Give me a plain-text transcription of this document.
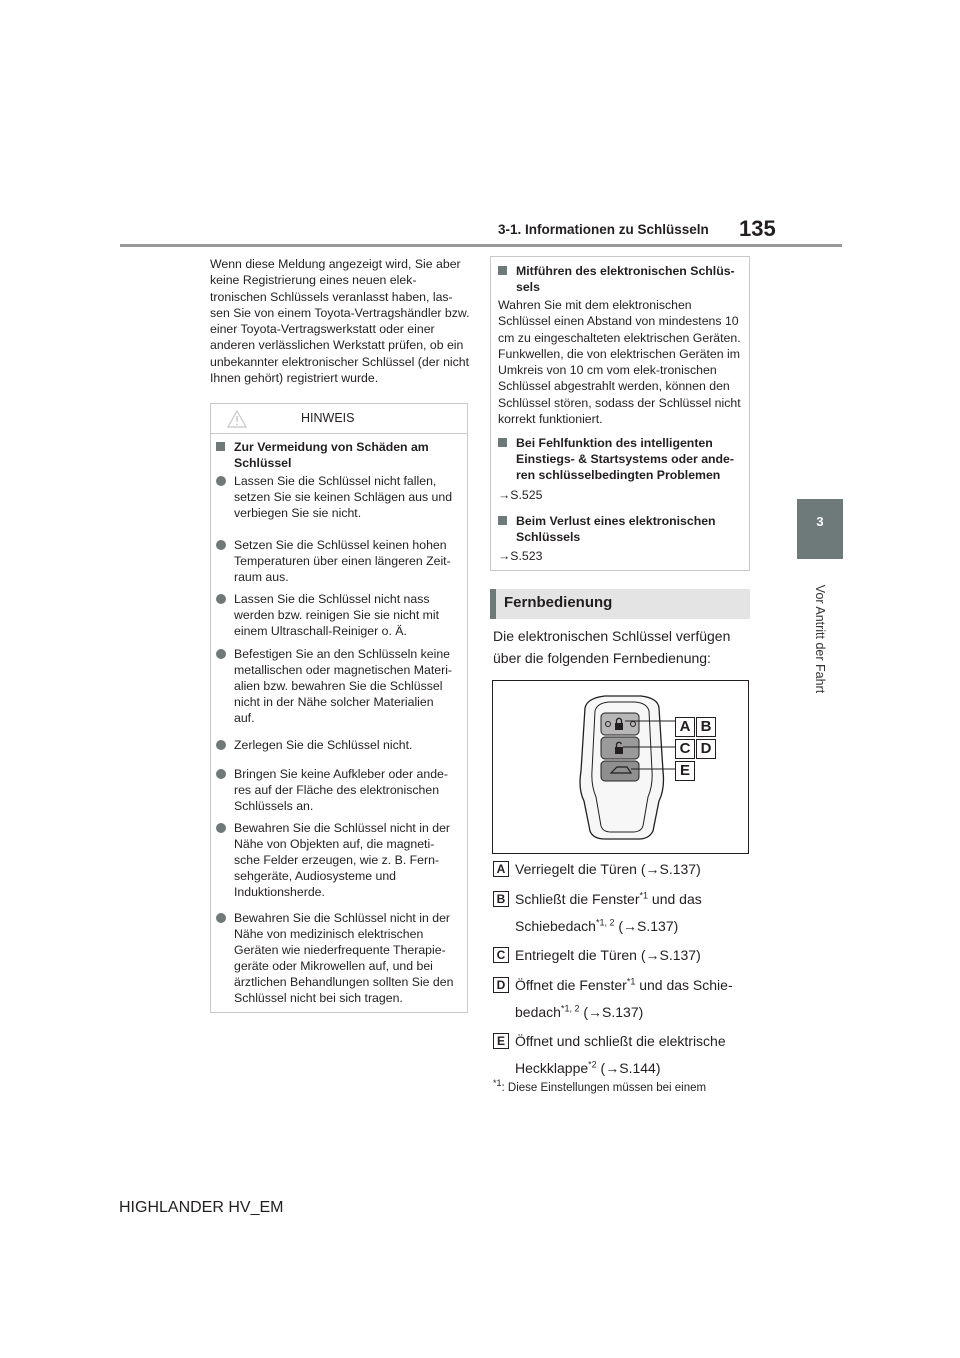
3-1. Informationen zu Schlüsseln 135
3
Vor Antritt der Fahrt
Wenn diese Meldung angezeigt wird, Sie aber keine Registrierung eines neuen elek-tronischen Schlüssels veranlasst haben, las-sen Sie von einem Toyota-Vertragshändler bzw. einer Toyota-Vertragswerkstatt oder einer anderen verlässlichen Werkstatt prüfen, ob ein unbekannter elektronischer Schlüssel (der nicht Ihnen gehört) registriert wurde.
HINWEIS
Zur Vermeidung von Schäden am Schlüssel
Lassen Sie die Schlüssel nicht fallen, setzen Sie sie keinen Schlägen aus und verbiegen Sie sie nicht.
Setzen Sie die Schlüssel keinen hohen Temperaturen über einen längeren Zeit-raum aus.
Lassen Sie die Schlüssel nicht nass werden bzw. reinigen Sie sie nicht mit einem Ultraschall-Reiniger o. Ä.
Befestigen Sie an den Schlüsseln keine metallischen oder magnetischen Materi-alien bzw. bewahren Sie die Schlüssel nicht in der Nähe solcher Materialien auf.
Zerlegen Sie die Schlüssel nicht.
Bringen Sie keine Aufkleber oder ande-res auf der Fläche des elektronischen Schlüssels an.
Bewahren Sie die Schlüssel nicht in der Nähe von Objekten auf, die magneti-sche Felder erzeugen, wie z. B. Fern-sehgeräte, Audiosysteme und Induktionsherde.
Bewahren Sie die Schlüssel nicht in der Nähe von medizinisch elektrischen Geräten wie niederfrequente Therapie-geräte oder Mikrowellen auf, und bei ärztlichen Behandlungen sollten Sie den Schlüssel nicht bei sich tragen.
Mitführen des elektronischen Schlüs-sels
Wahren Sie mit dem elektronischen Schlüssel einen Abstand von mindestens 10 cm zu eingeschalteten elektrischen Geräten. Funkwellen, die von elektrischen Geräten im Umkreis von 10 cm vom elek-tronischen Schlüssel abgestrahlt werden, können den Schlüssel stören, sodass der Schlüssel nicht korrekt funktioniert.
Bei Fehlfunktion des intelligenten Einstiegs- & Startsystems oder ande-ren schlüsselbedingten Problemen
→S.525
Beim Verlust eines elektronischen Schlüssels
→S.523
Fernbedienung
Die elektronischen Schlüssel verfügen über die folgenden Fernbedienung:
A B
C D
E
A Verriegelt die Türen (→S.137)
B Schließt die Fenster$^{*1}$ und das
Schiebedach$^{*1, 2}$ (→S.137)
C Entriegelt die Türen (→S.137)
D Öffnet die Fenster$^{*1}$ und das Schie-
bedach$^{*1, 2}$ (→S.137)
E Öffnet und schließt die elektrische
Heckklappe$^{*2}$ (→S.144)
$^{*1}$: Diese Einstellungen müssen bei einem
HIGHLANDER HV_EM
